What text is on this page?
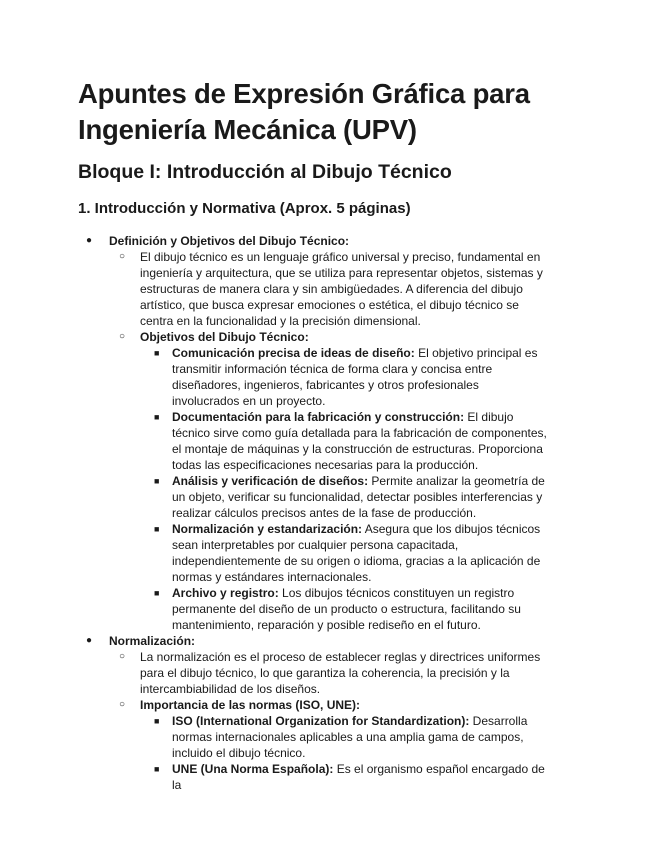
Apuntes de Expresión Gráfica para Ingeniería Mecánica (UPV)
Bloque I: Introducción al Dibujo Técnico
1. Introducción y Normativa (Aprox. 5 páginas)
● Definición y Objetivos del Dibujo Técnico:
○ El dibujo técnico es un lenguaje gráfico universal y preciso, fundamental en ingeniería y arquitectura, que se utiliza para representar objetos, sistemas y estructuras de manera clara y sin ambigüedades. A diferencia del dibujo artístico, que busca expresar emociones o estética, el dibujo técnico se centra en la funcionalidad y la precisión dimensional.
○ Objetivos del Dibujo Técnico:
■ Comunicación precisa de ideas de diseño: El objetivo principal es transmitir información técnica de forma clara y concisa entre diseñadores, ingenieros, fabricantes y otros profesionales involucrados en un proyecto.
■ Documentación para la fabricación y construcción: El dibujo técnico sirve como guía detallada para la fabricación de componentes, el montaje de máquinas y la construcción de estructuras. Proporciona todas las especificaciones necesarias para la producción.
■ Análisis y verificación de diseños: Permite analizar la geometría de un objeto, verificar su funcionalidad, detectar posibles interferencias y realizar cálculos precisos antes de la fase de producción.
■ Normalización y estandarización: Asegura que los dibujos técnicos sean interpretables por cualquier persona capacitada, independientemente de su origen o idioma, gracias a la aplicación de normas y estándares internacionales.
■ Archivo y registro: Los dibujos técnicos constituyen un registro permanente del diseño de un producto o estructura, facilitando su mantenimiento, reparación y posible rediseño en el futuro.
● Normalización:
○ La normalización es el proceso de establecer reglas y directrices uniformes para el dibujo técnico, lo que garantiza la coherencia, la precisión y la intercambiabilidad de los diseños.
○ Importancia de las normas (ISO, UNE):
■ ISO (International Organization for Standardization): Desarrolla normas internacionales aplicables a una amplia gama de campos, incluido el dibujo técnico.
■ UNE (Una Norma Española): Es el organismo español encargado de la
